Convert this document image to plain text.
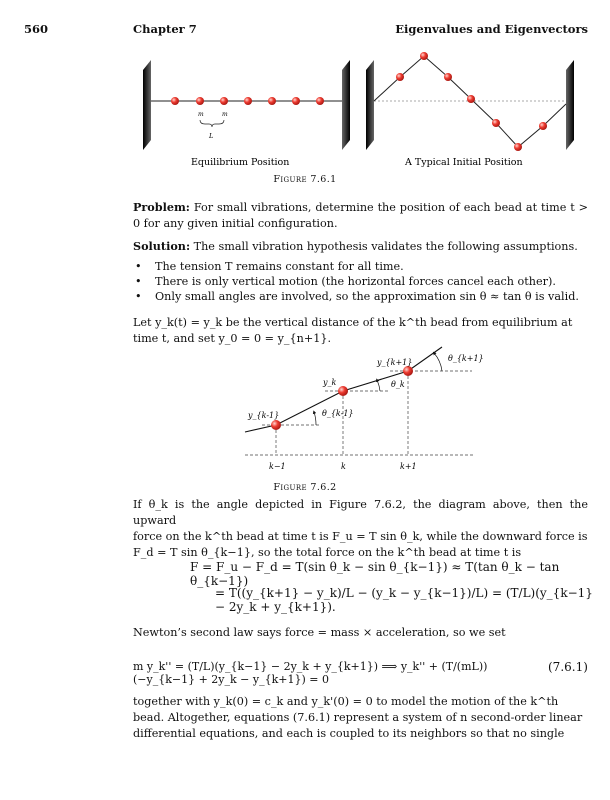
560	Chapter 7	Eigenvalues and Eigenvectors
m	m
L
Equilibrium Position	A Typical Initial Position
Figure 7.6.1
Problem: For small vibrations, determine the position of each bead at time t > 0 for any given initial configuration.
Solution: The small vibration hypothesis validates the following assumptions.
• The tension T remains constant for all time.
• There is only vertical motion (the horizontal forces cancel each other).
• Only small angles are involved, so the approximation sin θ ≈ tan θ is valid.
Let y_k(t) = y_k be the vertical distance of the k^th bead from equilibrium at
time t, and set y_0 = 0 = y_{n+1}.
y_{k-1}
y_k
y_{k+1}
θ_{k-1}
θ_k
θ_{k+1}
k−1	k	k+1
Figure 7.6.2
If θ_k is the angle depicted in Figure 7.6.2, the diagram above, then the upward
force on the k^th bead at time t is F_u = T sin θ_k, while the downward force is
F_d = T sin θ_{k−1}, so the total force on the k^th bead at time t is
F = F_u − F_d = T(sin θ_k − sin θ_{k−1}) ≈ T(tan θ_k − tan θ_{k−1})
= T((y_{k+1} − y_k)/L − (y_k − y_{k−1})/L) = (T/L)(y_{k−1} − 2y_k + y_{k+1}).
Newton’s second law says force = mass × acceleration, so we set
m y_k'' = (T/L)(y_{k−1} − 2y_k + y_{k+1}) ⟹ y_k'' + (T/(mL))(−y_{k−1} + 2y_k − y_{k+1}) = 0
(7.6.1)
together with y_k(0) = c_k and y_k'(0) = 0 to model the motion of the k^th
bead. Altogether, equations (7.6.1) represent a system of n second-order linear
differential equations, and each is coupled to its neighbors so that no single
